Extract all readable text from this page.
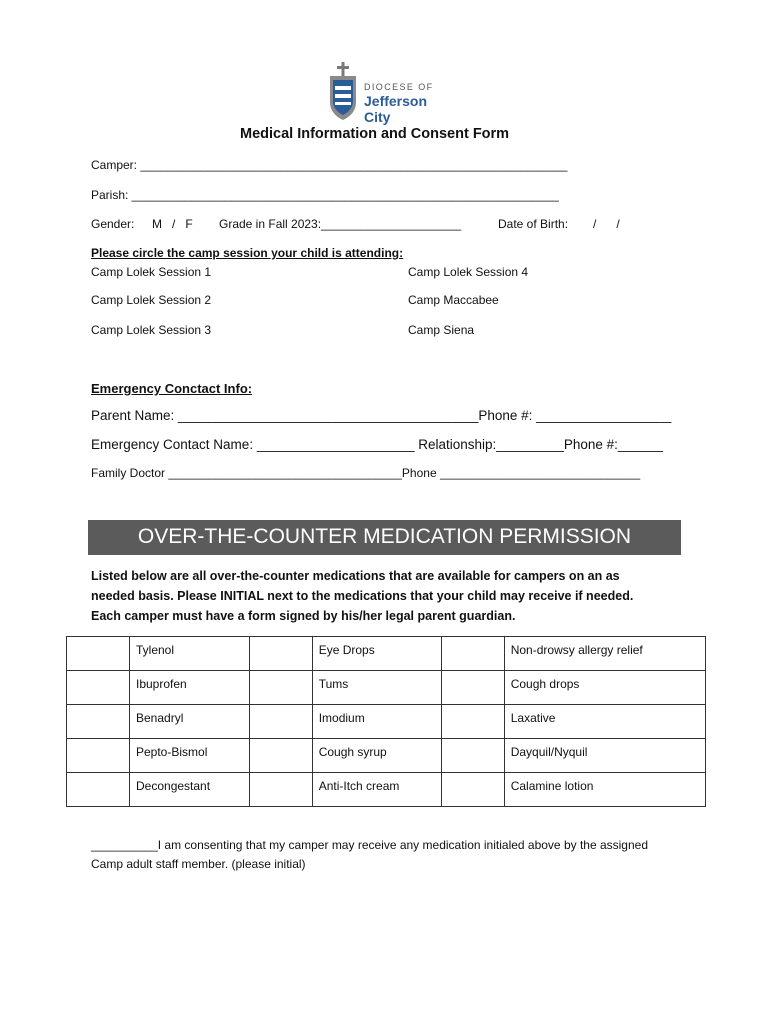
DIOCESE OF
Jefferson City
Medical Information and Consent Form
Camper: ________________________________________________________________
Parish: ________________________________________________________________
Gender: M   /   F Grade in Fall 2023:_____________________	Date of Birth: /      /
Please circle the camp session your child is attending:
Camp Lolek Session 1
Camp Lolek Session 2
Camp Lolek Session 3
Camp Lolek Session 4
Camp Maccabee
Camp Siena
Emergency Conctact Info:
Parent Name: ________________________________________Phone #: __________________
Emergency Contact Name: _____________________ Relationship:_________Phone #:______
Family Doctor ___________________________________Phone ______________________________
OVER-THE-COUNTER MEDICATION PERMISSION
Listed below are all over-the-counter medications that are available for campers on an as
needed basis. Please INITIAL next to the medications that your child may receive if needed.
Each camper must have a form signed by his/her legal parent guardian.
	Tylenol		Eye Drops		Non-drowsy allergy relief
	Ibuprofen		Tums		Cough drops
	Benadryl		Imodium		Laxative
	Pepto-Bismol		Cough syrup		Dayquil/Nyquil
	Decongestant		Anti-Itch cream		Calamine lotion
__________I am consenting that my camper may receive any medication initialed above by the assigned
Camp adult staff member. (please initial)
